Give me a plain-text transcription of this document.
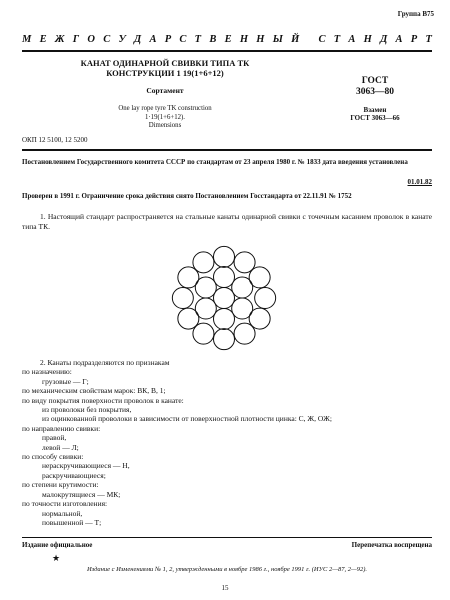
Группа В75
М Е Ж Г О С У Д А Р С Т В Е Н Н Ы Й
С Т А Н Д А Р Т
КАНАТ ОДИНАРНОЙ СВИВКИ ТИПА ТК
КОНСТРУКЦИИ 1 19(1+6+12)
Сортамент
One lay rope tyre TK construction
1·19(1+6+12).
Dimensions
ГОСТ
3063—80
Взамен
ГОСТ 3063—66
ОКП 12 5100, 12 5200
Постановлением Государственного комитета СССР по стандартам от 23 апреля 1980 г. № 1833 дата введения установлена
01.01.82
Проверен в 1991 г. Ограничение срока действия снято Постановлением Госстандарта от 22.11.91 № 1752
1. Настоящий стандарт распространяется на стальные канаты одинарной свивки с точечным касанием проволок в канате типа ТК.
2. Канаты подразделяются по признакам
по назначению:
грузовые — Г;
по механическим свойствам марок: ВК, В, 1;
по виду покрытия поверхности проволок в канате:
из проволоки без покрытия,
из оцинкованной проволоки в зависимости от поверхностной плотности цинка: С, Ж, ОЖ;
по направлению свивки:
правой,
левой — Л;
по способу свивки:
нераскручивающиеся — Н,
раскручивающиеся;
по степени крутимости:
малокрутящиеся — МК;
по точности изготовления:
нормальной,
повышенной — Т;
Издание официальное	Перепечатка воспрещена
★
Издание с Изменениями № 1, 2, утвержденными в ноябре 1986 г., ноябре 1991 г. (ИУС 2—87, 2—92).
15
